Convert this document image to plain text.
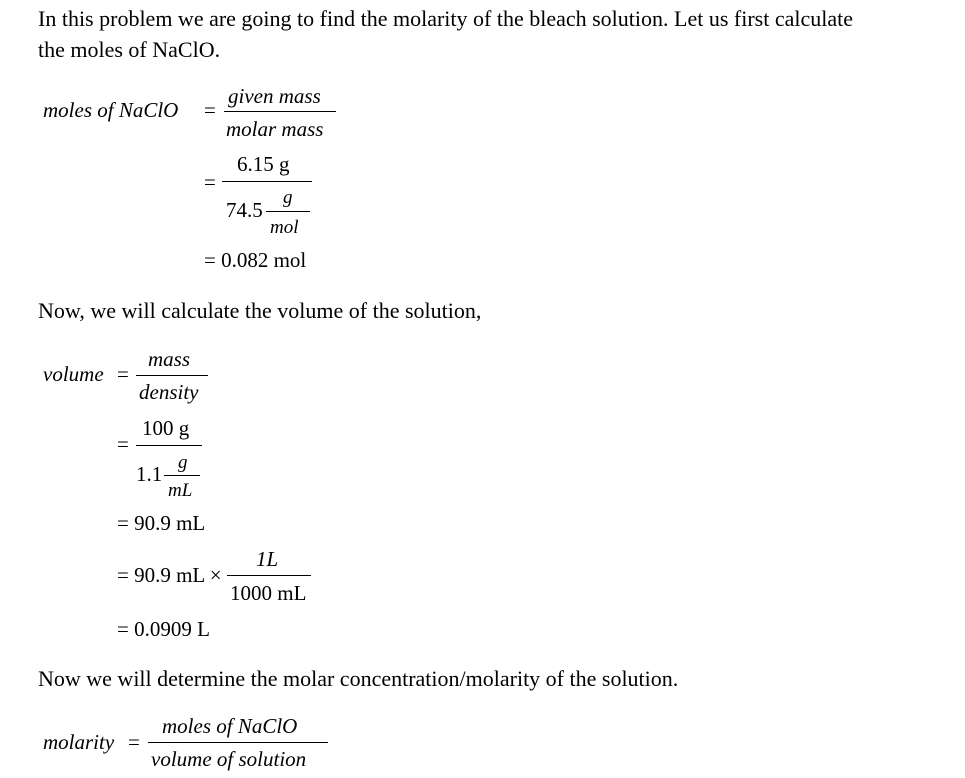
In this problem we are going to find the molarity of the bleach solution. Let us first calculate
the moles of NaClO.
moles of NaClO =
given mass
molar mass
=
6.15 g
74.5
g
mol
= 0.082 mol
Now, we will calculate the volume of the solution,
volume =
mass
density
=
100 g
1.1 g
mL
= 90.9 mL
= 90.9 mL ×
1L
1000 mL
= 0.0909 L
Now we will determine the molar concentration/molarity of the solution.
molarity =
moles of NaClO
volume of solution
